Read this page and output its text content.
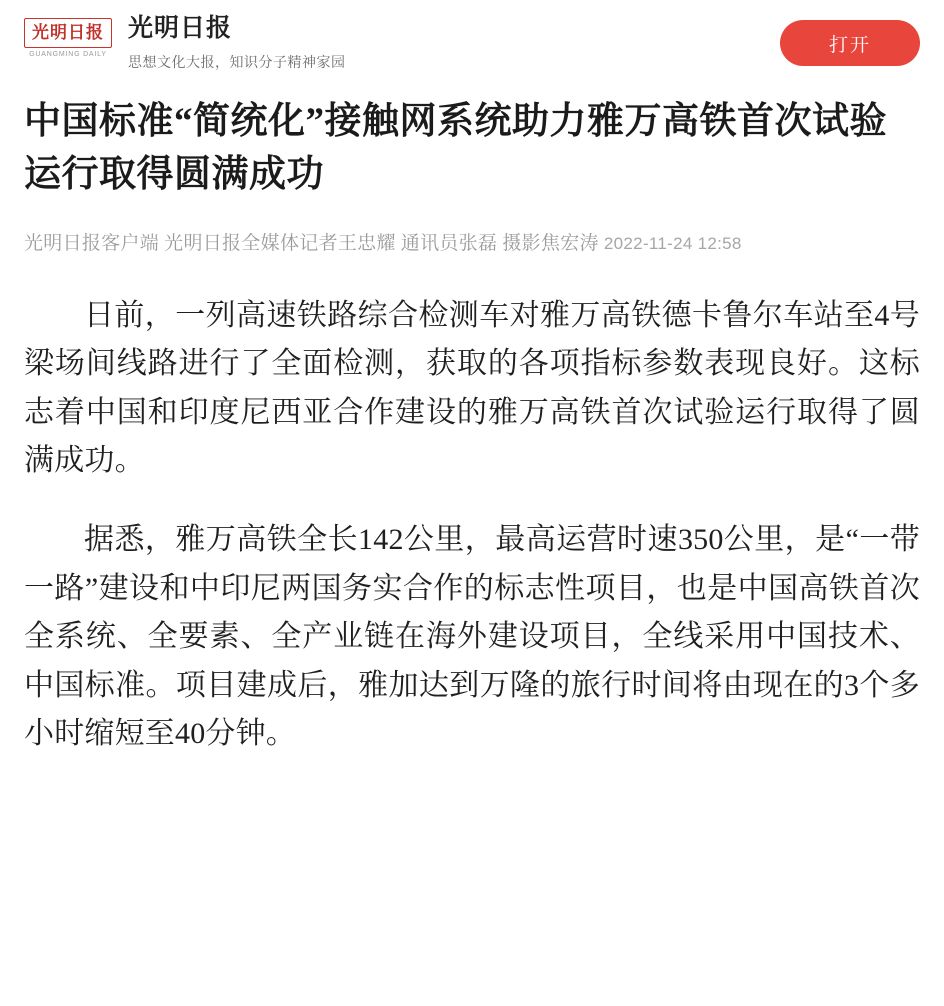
光明日报
GUANGMING DAILY
光明日报
思想文化大报，知识分子精神家园
打开
中国标准“简统化”接触网系统助力雅万高铁首次试验运行取得圆满成功
光明日报客户端 光明日报全媒体记者王忠耀 通讯员张磊 摄影焦宏涛 2022-11-24 12:58

日前，一列高速铁路综合检测车对雅万高铁德卡鲁尔车站至4号梁场间线路进行了全面检测，获取的各项指标参数表现良好。这标志着中国和印度尼西亚合作建设的雅万高铁首次试验运行取得了圆满成功。

据悉，雅万高铁全长142公里，最高运营时速350公里，是“一带一路”建设和中印尼两国务实合作的标志性项目，也是中国高铁首次全系统、全要素、全产业链在海外建设项目，全线采用中国技术、中国标准。项目建成后，雅加达到万隆的旅行时间将由现在的3个多小时缩短至40分钟。
